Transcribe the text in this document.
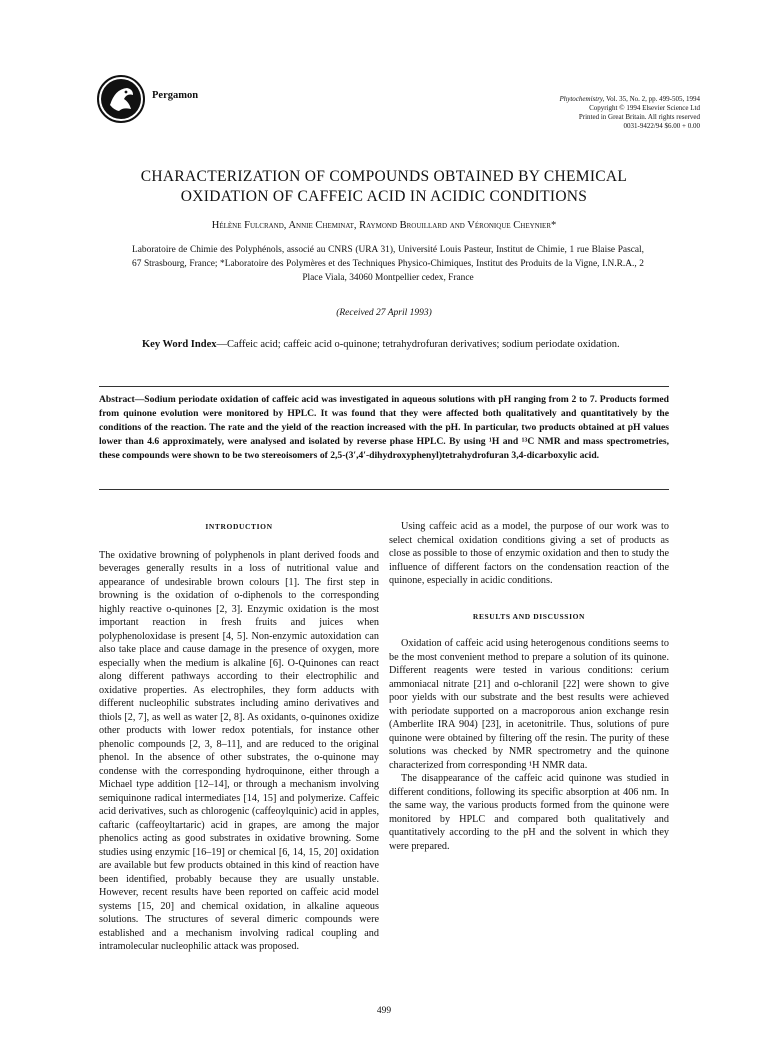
Pergamon	Phytochemistry, Vol. 35, No. 2, pp. 499-505, 1994
Copyright © 1994 Elsevier Science Ltd
Printed in Great Britain. All rights reserved
0031-9422/94 $6.00 + 0.00
CHARACTERIZATION OF COMPOUNDS OBTAINED BY CHEMICAL OXIDATION OF CAFFEIC ACID IN ACIDIC CONDITIONS
Hélène Fulcrand, Annie Cheminat, Raymond Brouillard and Véronique Cheynier*
Laboratoire de Chimie des Polyphénols, associé au CNRS (URA 31), Université Louis Pasteur, Institut de Chimie, 1 rue Blaise Pascal, 67 Strasbourg, France; *Laboratoire des Polymères et des Techniques Physico-Chimiques, Institut des Produits de la Vigne, I.N.R.A., 2 Place Viala, 34060 Montpellier cedex, France
(Received 27 April 1993)
Key Word Index—Caffeic acid; caffeic acid o-quinone; tetrahydrofuran derivatives; sodium periodate oxidation.
Abstract—Sodium periodate oxidation of caffeic acid was investigated in aqueous solutions with pH ranging from 2 to 7. Products formed from quinone evolution were monitored by HPLC. It was found that they were affected both qualitatively and quantitatively by the conditions of the reaction. The rate and the yield of the reaction increased with the pH. In particular, two products obtained at pH values lower than 4.6 approximately, were analysed and isolated by reverse phase HPLC. By using ¹H and ¹³C NMR and mass spectrometries, these compounds were shown to be two stereoisomers of 2,5-(3′,4′-dihydroxyphenyl)tetrahydrofuran 3,4-dicarboxylic acid.
INTRODUCTION

The oxidative browning of polyphenols in plant derived foods and beverages generally results in a loss of nutritional value and appearance of undesirable brown colours [1]. The first step in browning is the oxidation of o-diphenols to the corresponding highly reactive o-quinones [2, 3]. Enzymic oxidation is the most important reaction in fresh fruits and juices when polyphenoloxidase is present [4, 5]. Non-enzymic autoxidation can also take place and cause damage in the presence of oxygen, more especially when the medium is alkaline [6]. O-Quinones can react along different pathways according to their electrophilic and oxidative properties. As electrophiles, they form adducts with different nucleophilic substrates including amino derivatives and thiols [2, 7], as well as water [2, 8]. As oxidants, o-quinones oxidize other products with lower redox potentials, for instance other phenolic compounds [2, 3, 8–11], and are reduced to the original phenol. In the absence of other substrates, the o-quinone may condense with the corresponding hydroquinone, either through a Michael type addition [12–14], or through a mechanism involving semiquinone radical intermediates [14, 15] and polymerize. Caffeic acid derivatives, such as chlorogenic (caffeoylquinic) acid in apples, caftaric (caffeoyltartaric) acid in grapes, are among the major phenolics acting as good substrates in oxidative browning. Some studies using enzymic [16–19] or chemical [6, 14, 15, 20] oxidation are available but few products obtained in this kind of reaction have been identified, probably because they are usually unstable. However, recent results have been reported on caffeic acid model systems [15, 20] and chemical oxidation, in alkaline aqueous solutions. The structures of several dimeric compounds were established and a mechanism involving radical coupling and intramolecular nucleophilic attack was proposed.

Using caffeic acid as a model, the purpose of our work was to select chemical oxidation conditions giving a set of products as close as possible to those of enzymic oxidation and then to study the influence of different factors on the condensation reaction of the quinone, especially in acidic conditions.

RESULTS AND DISCUSSION

Oxidation of caffeic acid using heterogenous conditions seems to be the most convenient method to prepare a solution of its quinone. Different reagents were tested in various conditions: cerium ammoniacal nitrate [21] and o-chloranil [22] were shown to give poor yields with our substrate and the best results were achieved with periodate supported on a macroporous anion exchange resin (Amberlite IRA 904) [23], in acetonitrile. Thus, solutions of pure quinone were obtained by filtering off the resin. The purity of these solutions was checked by NMR spectrometry and the quinone characterized from corresponding ¹H NMR data.

The disappearance of the caffeic acid quinone was studied in different conditions, following its specific absorption at 406 nm. In the same way, the various products formed from the quinone were monitored by HPLC and compared both qualitatively and quantitatively according to the pH and the solvent in which they were prepared.

499
